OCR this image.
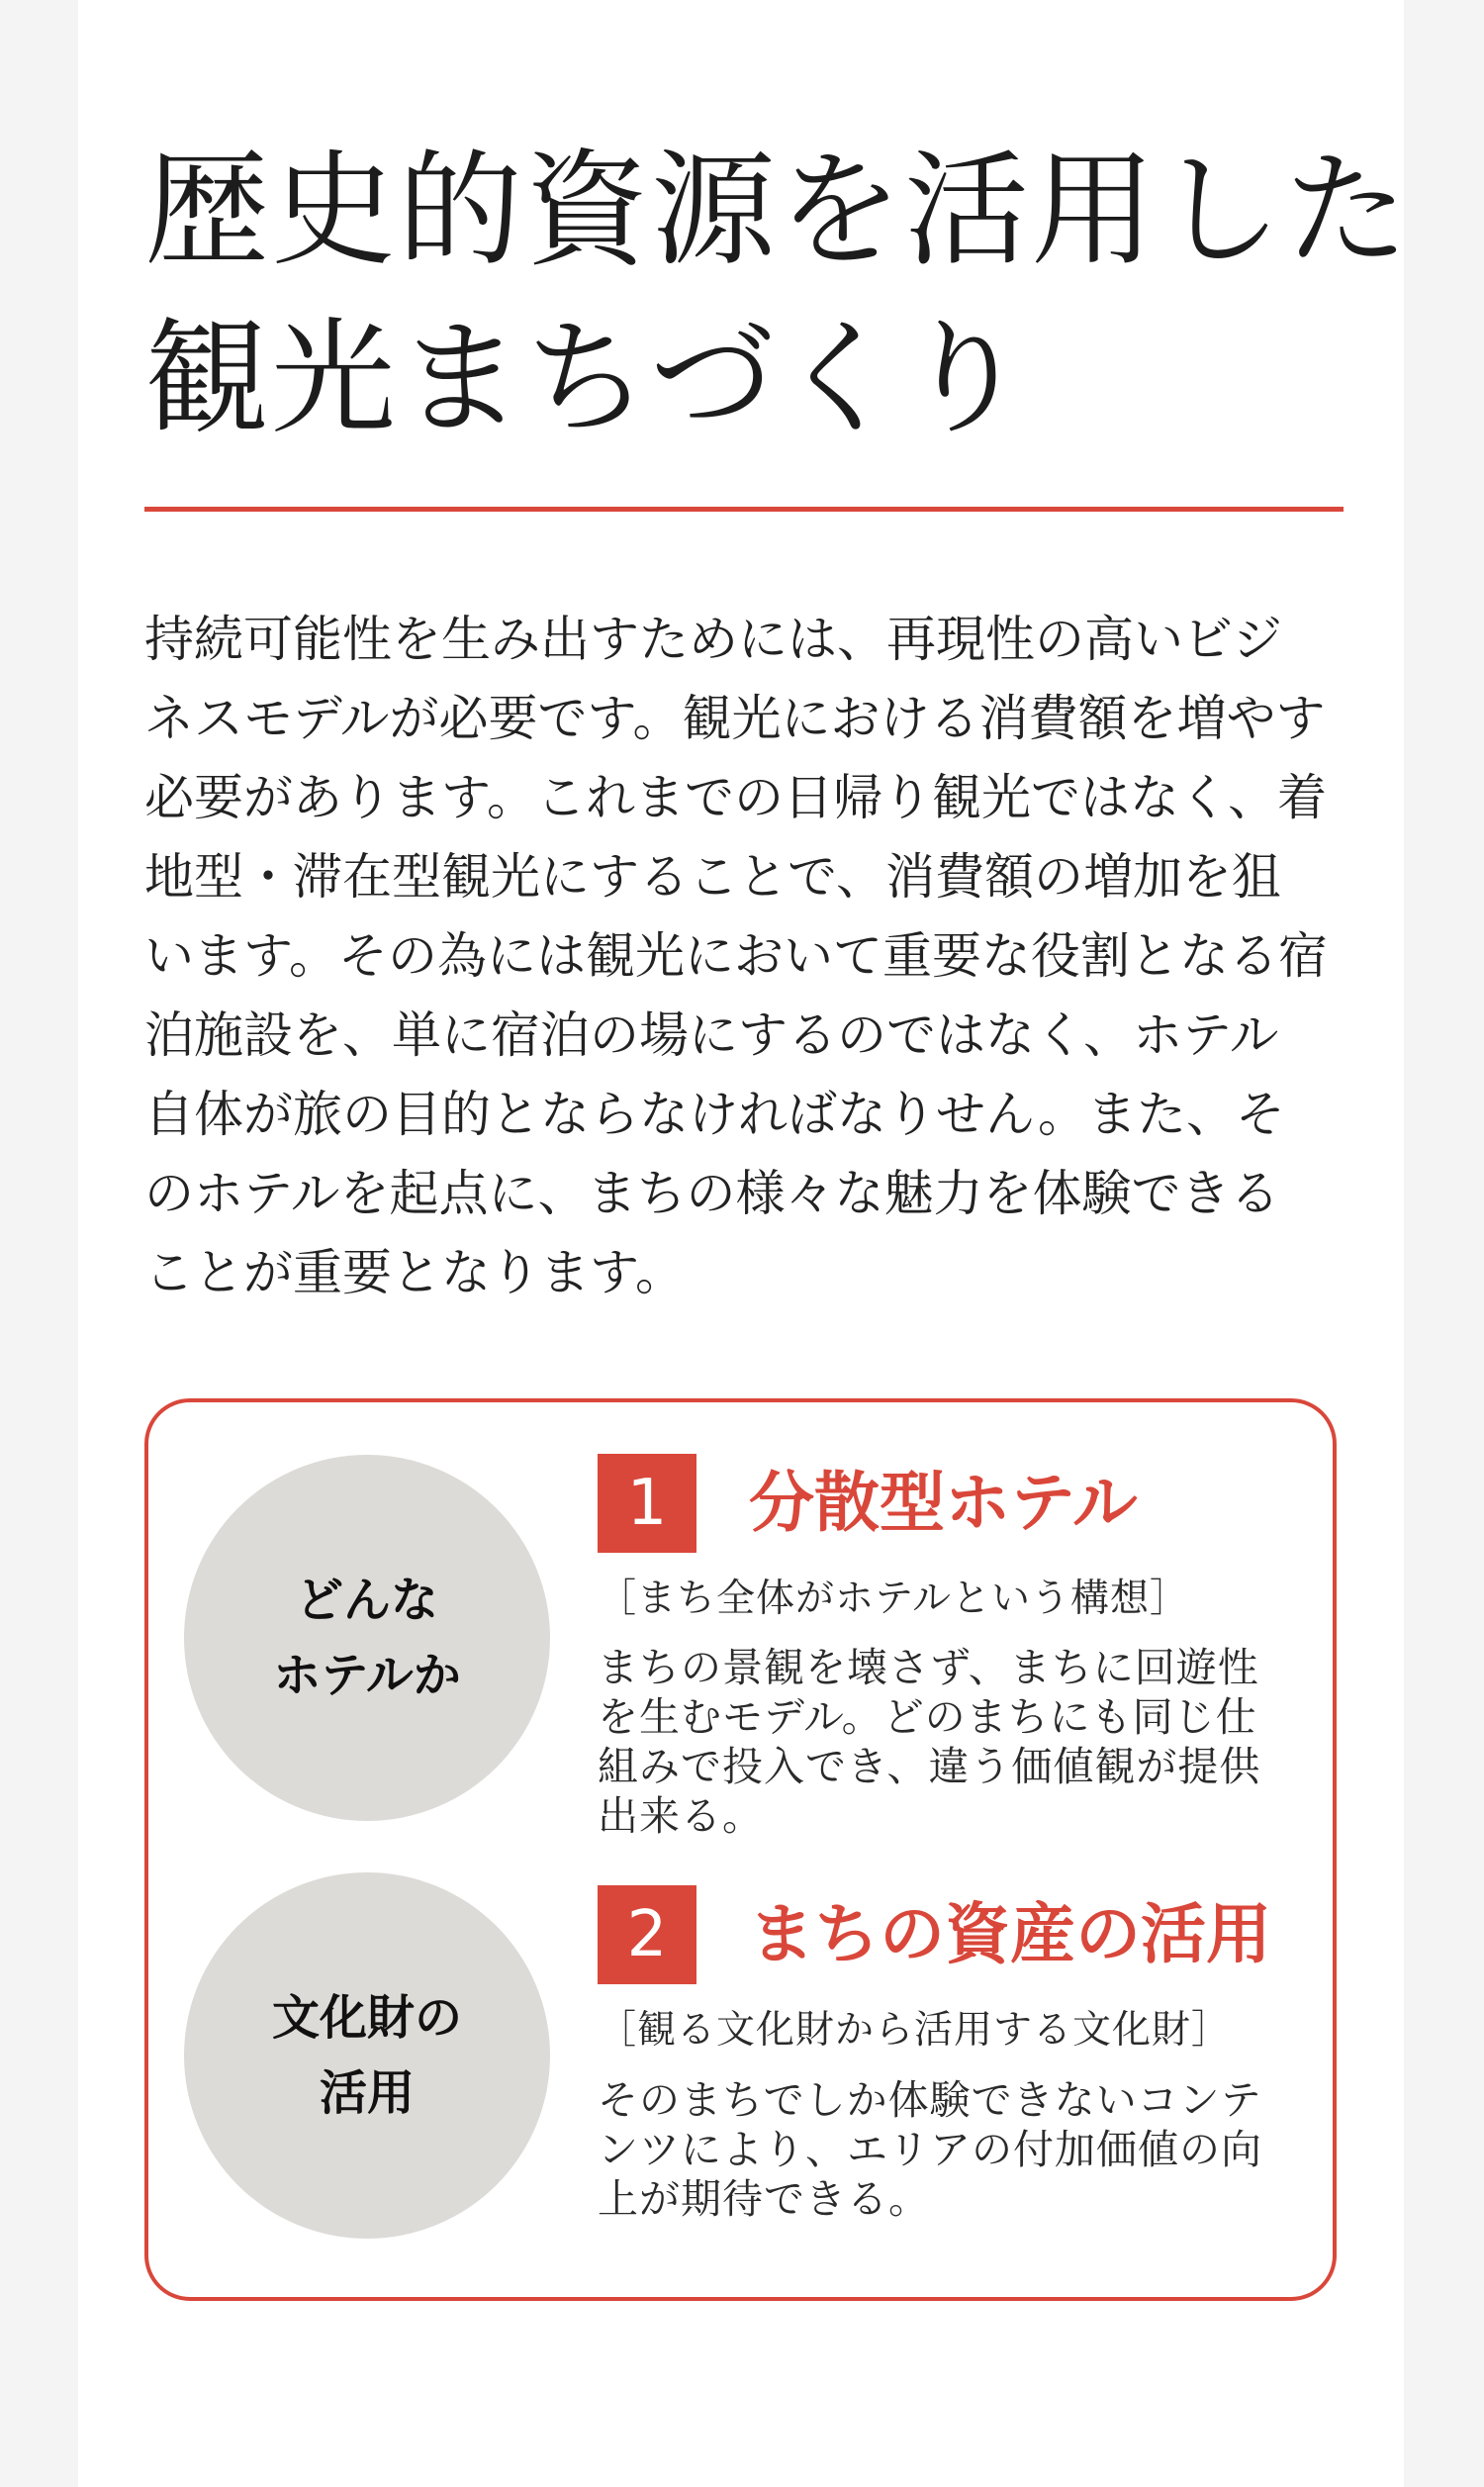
歴史的資源を活用した
観光まちづくり
持続可能性を生み出すためには、再現性の高いビジ
ネスモデルが必要です。観光における消費額を増やす
必要があります。これまでの日帰り観光ではなく、着
地型・滞在型観光にすることで、消費額の増加を狙
います。その為には観光において重要な役割となる宿
泊施設を、単に宿泊の場にするのではなく、ホテル
自体が旅の目的とならなければなりせん。また、そ
のホテルを起点に、まちの様々な魅力を体験できる
ことが重要となります。
どんな
ホテルか
1	分散型ホテル
［まち全体がホテルという構想］
まちの景観を壊さず、まちに回遊性
を生むモデル。どのまちにも同じ仕
組みで投入でき、違う価値観が提供
出来る。
文化財の
活用
2	まちの資産の活用
［観る文化財から活用する文化財］
そのまちでしか体験できないコンテ
ンツにより、エリアの付加価値の向
上が期待できる。
